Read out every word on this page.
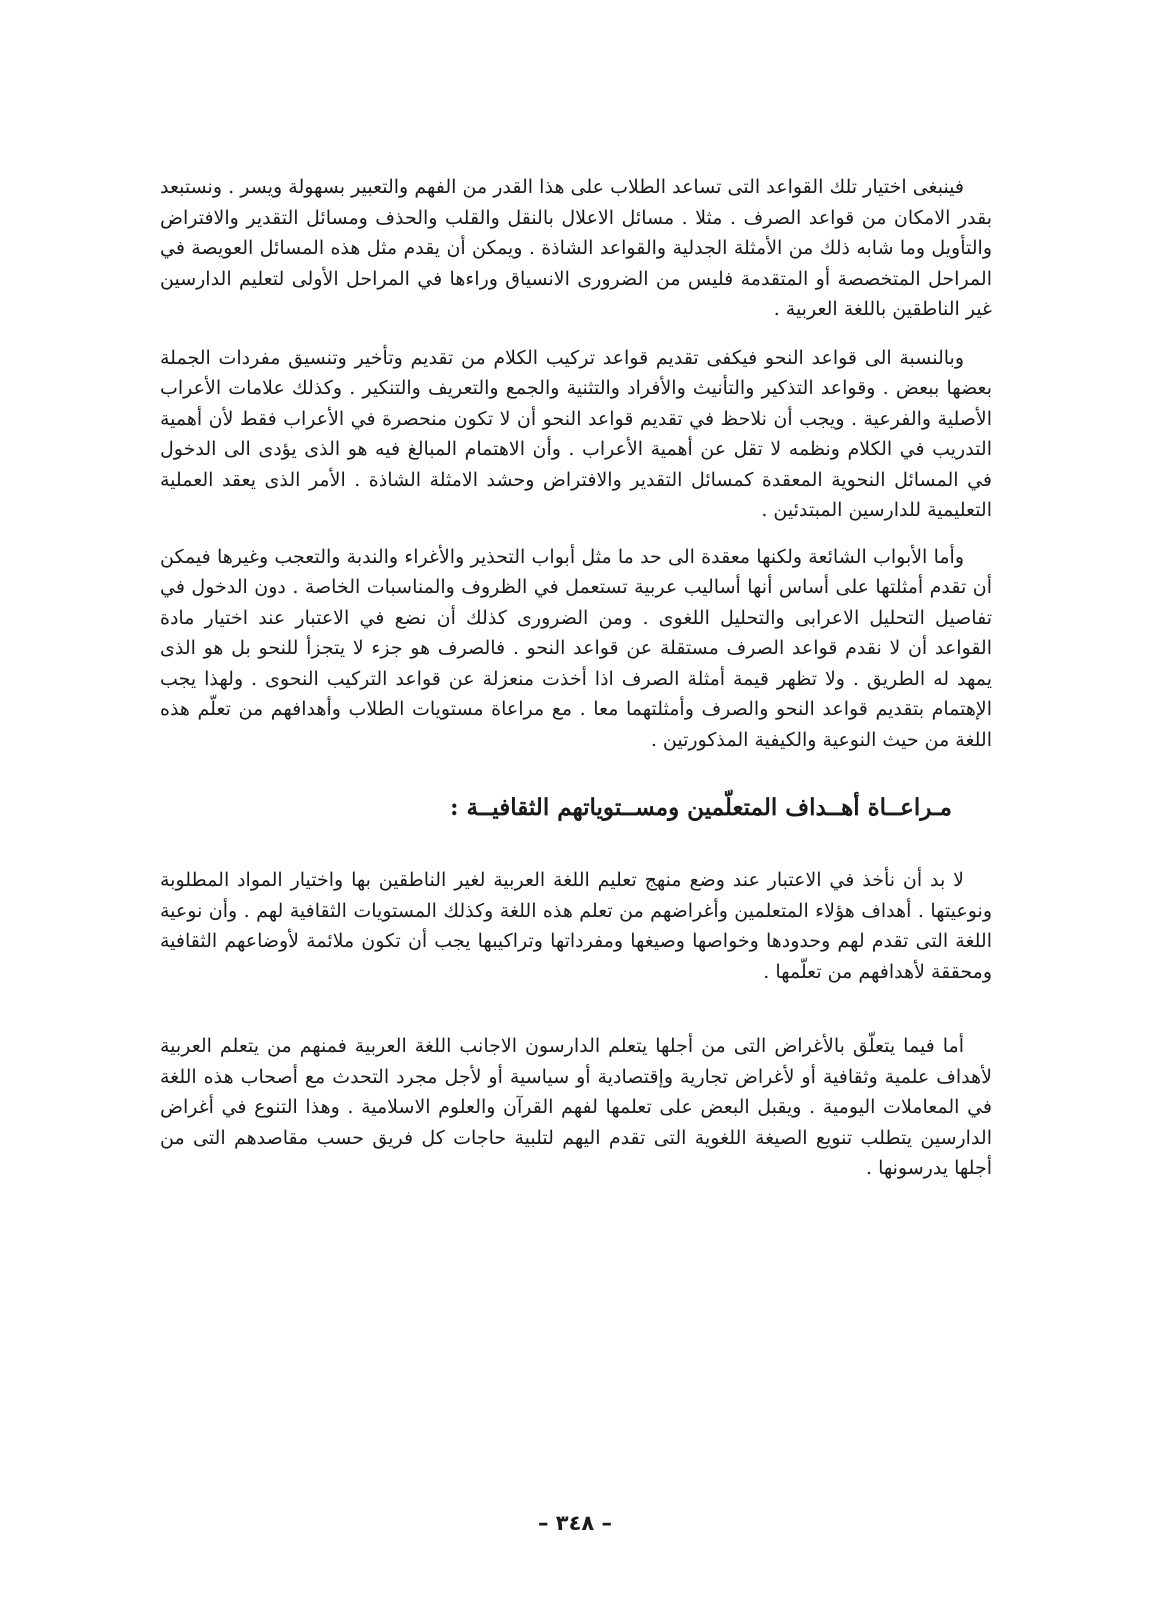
فينبغى اختيار تلك القواعد التى تساعد الطلاب على هذا القدر من الفهم والتعبير بسهولة ويسر . ونستبعد بقدر الامكان من قواعد الصرف . مثلا . مسائل الاعلال بالنقل والقلب والحذف ومسائل التقدير والافتراض والتأويل وما شابه ذلك من الأمثلة الجدلية والقواعد الشاذة . ويمكن أن يقدم مثل هذه المسائل العويصة في المراحل المتخصصة أو المتقدمة فليس من الضرورى الانسياق وراءها في المراحل الأولى لتعليم الدارسين غير الناطقين باللغة العربية .

وبالنسبة الى قواعد النحو فيكفى تقديم قواعد تركيب الكلام من تقديم وتأخير وتنسيق مفردات الجملة بعضها ببعض . وقواعد التذكير والتأنيث والأفراد والتثنية والجمع والتعريف والتنكير . وكذلك علامات الأعراب الأصلية والفرعية . ويجب أن نلاحظ في تقديم قواعد النحو أن لا تكون منحصرة في الأعراب فقط لأن أهمية التدريب في الكلام ونظمه لا تقل عن أهمية الأعراب . وأن الاهتمام المبالغ فيه هو الذى يؤدى الى الدخول في المسائل النحوية المعقدة كمسائل التقدير والافتراض وحشد الامثلة الشاذة . الأمر الذى يعقد العملية التعليمية للدارسين المبتدئين .

وأما الأبواب الشائعة ولكنها معقدة الى حد ما مثل أبواب التحذير والأغراء والندبة والتعجب وغيرها فيمكن أن تقدم أمثلتها على أساس أنها أساليب عربية تستعمل في الظروف والمناسبات الخاصة . دون الدخول في تفاصيل التحليل الاعرابى والتحليل اللغوى . ومن الضرورى كذلك أن نضع في الاعتبار عند اختيار مادة القواعد أن لا نقدم قواعد الصرف مستقلة عن قواعد النحو . فالصرف هو جزء لا يتجزأ للنحو بل هو الذى يمهد له الطريق . ولا تظهر قيمة أمثلة الصرف اذا أخذت منعزلة عن قواعد التركيب النحوى . ولهذا يجب الإهتمام بتقديم قواعد النحو والصرف وأمثلتهما معا . مع مراعاة مستويات الطلاب وأهدافهم من تعلّم هذه اللغة من حيث النوعية والكيفية المذكورتين .

مـراعــاة أهــداف المتعلّمين ومســتوياتهم الثقافيــة :

لا بد أن نأخذ في الاعتبار عند وضع منهج تعليم اللغة العربية لغير الناطقين بها واختيار المواد المطلوبة ونوعيتها . أهداف هؤلاء المتعلمين وأغراضهم من تعلم هذه اللغة وكذلك المستويات الثقافية لهم . وأن نوعية اللغة التى تقدم لهم وحدودها وخواصها وصيغها ومفرداتها وتراكيبها يجب أن تكون ملائمة لأوضاعهم الثقافية ومحققة لأهدافهم من تعلّمها .

أما فيما يتعلّق بالأغراض التى من أجلها يتعلم الدارسون الاجانب اللغة العربية فمنهم من يتعلم العربية لأهداف علمية وثقافية أو لأغراض تجارية وإقتصادية أو سياسية أو لأجل مجرد التحدث مع أصحاب هذه اللغة في المعاملات اليومية . ويقبل البعض على تعلمها لفهم القرآن والعلوم الاسلامية . وهذا التنوع في أغراض الدارسين يتطلب تنويع الصيغة اللغوية التى تقدم اليهم لتلبية حاجات كل فريق حسب مقاصدهم التى من أجلها يدرسونها .

– ٣٤٨ –
